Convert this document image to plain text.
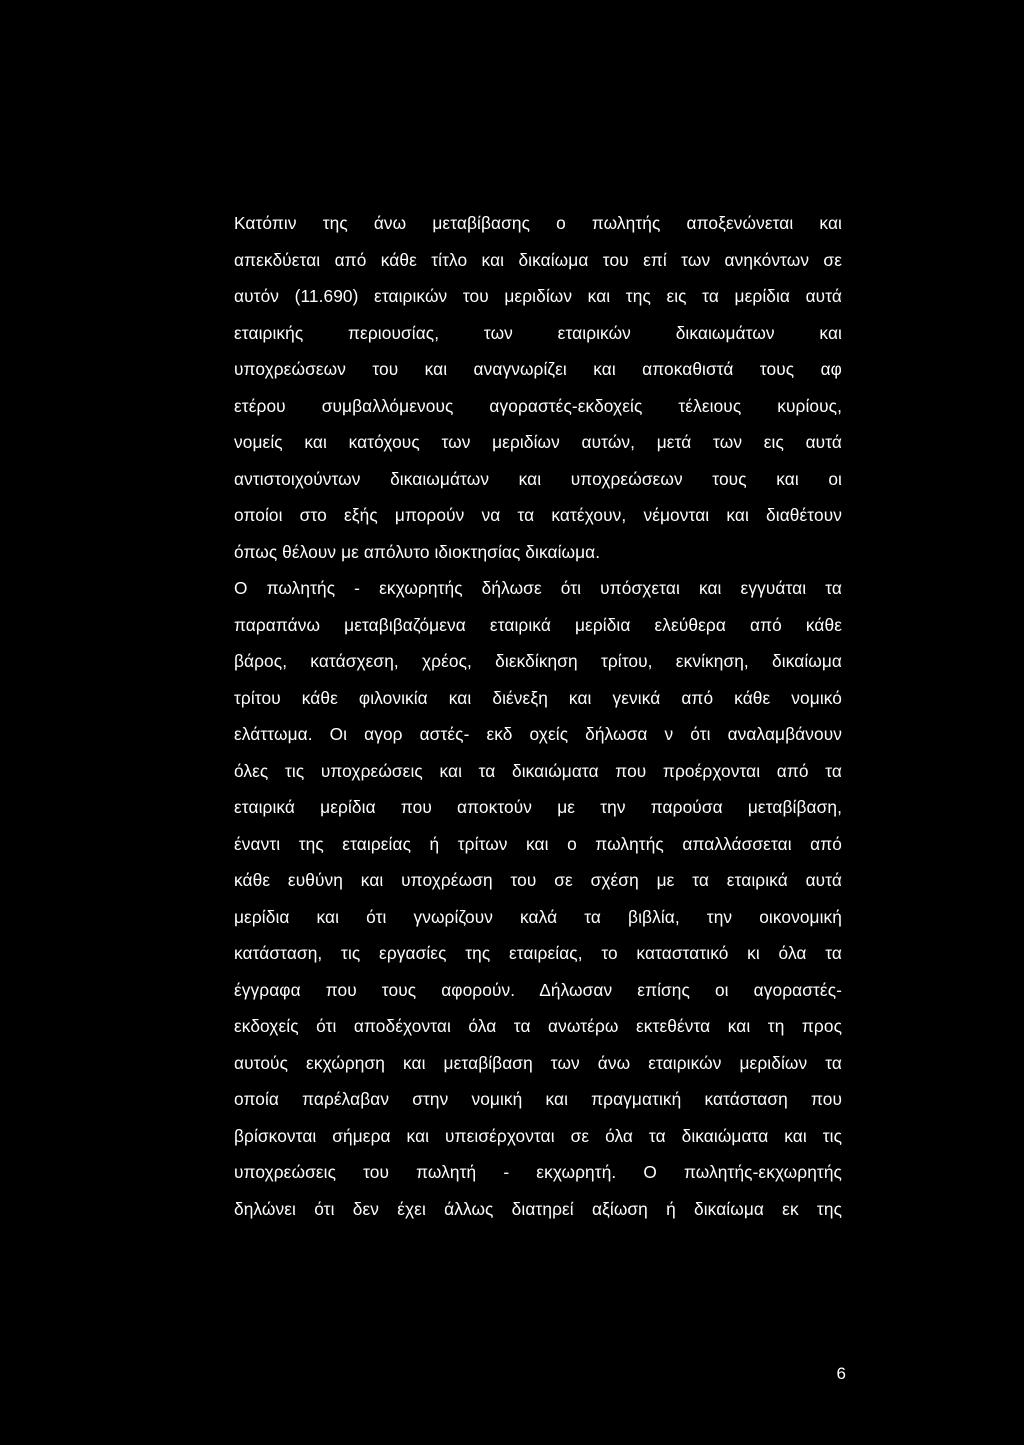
Κατόπιν της άνω μεταβίβασης ο πωλητής αποξενώνεται και
απεκδύεται από κάθε τίτλο και δικαίωμα του επί των ανηκόντων σε
αυτόν (11.690) εταιρικών του μεριδίων και της εις τα μερίδια αυτά
εταιρικής περιουσίας, των εταιρικών δικαιωμάτων και
υποχρεώσεων του και αναγνωρίζει και αποκαθιστά τους αφ
ετέρου συμβαλλόμενους αγοραστές-εκδοχείς τέλειους κυρίους,
νομείς και κατόχους των μεριδίων αυτών, μετά των εις αυτά
αντιστοιχούντων δικαιωμάτων και υποχρεώσεων τους και οι
οποίοι στο εξής μπορούν να τα κατέχουν, νέμονται και διαθέτουν
όπως θέλουν με απόλυτο ιδιοκτησίας δικαίωμα.
Ο πωλητής - εκχωρητής δήλωσε ότι υπόσχεται και εγγυάται τα
παραπάνω μεταβιβαζόμενα εταιρικά μερίδια ελεύθερα από κάθε
βάρος, κατάσχεση, χρέος, διεκδίκηση τρίτου, εκνίκηση, δικαίωμα
τρίτου κάθε φιλονικία και διένεξη και γενικά από κάθε νομικό
ελάττωμα. Οι αγορ αστές- εκδ οχείς δήλωσα ν ότι αναλαμβάνουν
όλες τις υποχρεώσεις και τα δικαιώματα που προέρχονται από τα
εταιρικά μερίδια που αποκτούν με την παρούσα μεταβίβαση,
έναντι της εταιρείας ή τρίτων και ο πωλητής απαλλάσσεται από
κάθε ευθύνη και υποχρέωση του σε σχέση με τα εταιρικά αυτά
μερίδια και ότι γνωρίζουν καλά τα βιβλία, την οικονομική
κατάσταση, τις εργασίες της εταιρείας, το καταστατικό κι όλα τα
έγγραφα που τους αφορούν. Δήλωσαν επίσης οι αγοραστές-
εκδοχείς ότι αποδέχονται όλα τα ανωτέρω εκτεθέντα και τη προς
αυτούς εκχώρηση και μεταβίβαση των άνω εταιρικών μεριδίων τα
οποία παρέλαβαν στην νομική και πραγματική κατάσταση που
βρίσκονται σήμερα και υπεισέρχονται σε όλα τα δικαιώματα και τις
υποχρεώσεις του πωλητή - εκχωρητή. Ο πωλητής-εκχωρητής
δηλώνει ότι δεν έχει άλλως διατηρεί αξίωση ή δικαίωμα εκ της
6
